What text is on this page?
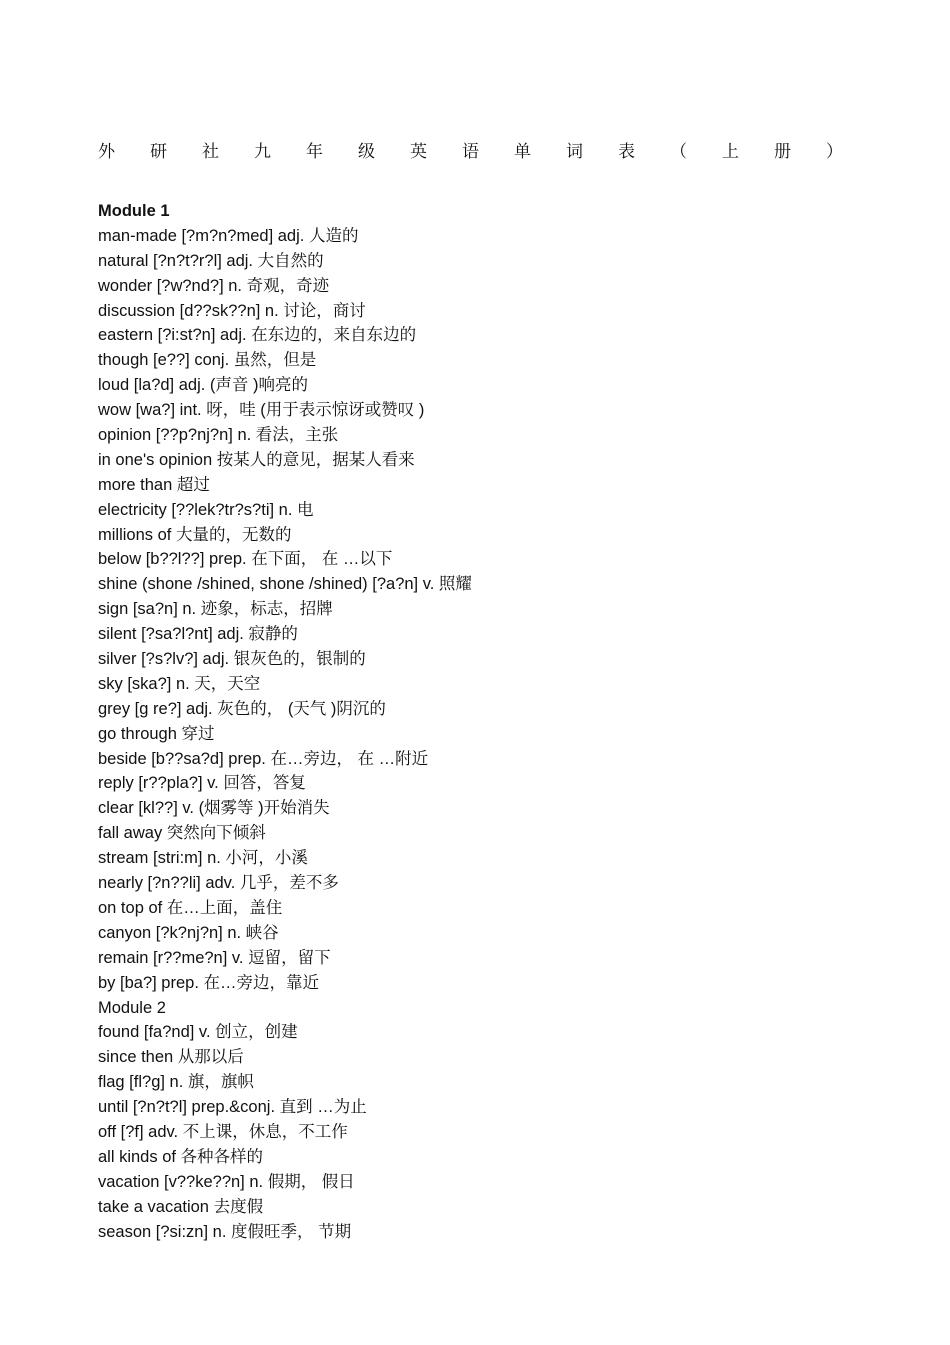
外 研 社 九 年 级 英 语 单 词 表 （ 上 册 ）
Module 1
man-made [?m?n?med] adj. 人造的
natural [?n?t?r?l] adj. 大自然的
wonder [?w?nd?] n. 奇观，奇迹
discussion [d??sk??n] n. 讨论，商讨
eastern [?i:st?n] adj. 在东边的，来自东边的
though [e??] conj. 虽然，但是
loud [la?d] adj. (声音 )响亮的
wow [wa?] int. 呀，哇 (用于表示惊讶或赞叹 )
opinion [??p?nj?n] n. 看法，主张
in one's opinion 按某人的意见，据某人看来
more than 超过
electricity [??lek?tr?s?ti] n. 电
millions of 大量的，无数的
below [b??l??] prep. 在下面， 在 …以下
shine (shone /shined, shone /shined) [?a?n] v. 照耀
sign [sa?n] n. 迹象，标志，招牌
silent [?sa?l?nt] adj. 寂静的
silver [?s?lv?] adj. 银灰色的，银制的
sky [ska?] n. 天，天空
grey [g re?] adj. 灰色的， (天气 )阴沉的
go through 穿过
beside [b??sa?d] prep. 在…旁边， 在 …附近
reply [r??pla?] v. 回答，答复
clear [kl??] v. (烟雾等 )开始消失
fall away 突然向下倾斜
stream [stri:m] n. 小河，小溪
nearly [?n??li] adv. 几乎，差不多
on top of 在…上面，盖住
canyon [?k?nj?n] n. 峡谷
remain [r??me?n] v. 逗留，留下
by [ba?] prep. 在…旁边，靠近
Module 2
found [fa?nd] v. 创立，创建
since then 从那以后
flag [fl?g] n. 旗，旗帜
until [?n?t?l] prep.&conj. 直到 …为止
off [?f] adv. 不上课，休息，不工作
all kinds of 各种各样的
vacation [v??ke??n] n. 假期， 假日
take a vacation 去度假
season [?si:zn] n. 度假旺季， 节期
